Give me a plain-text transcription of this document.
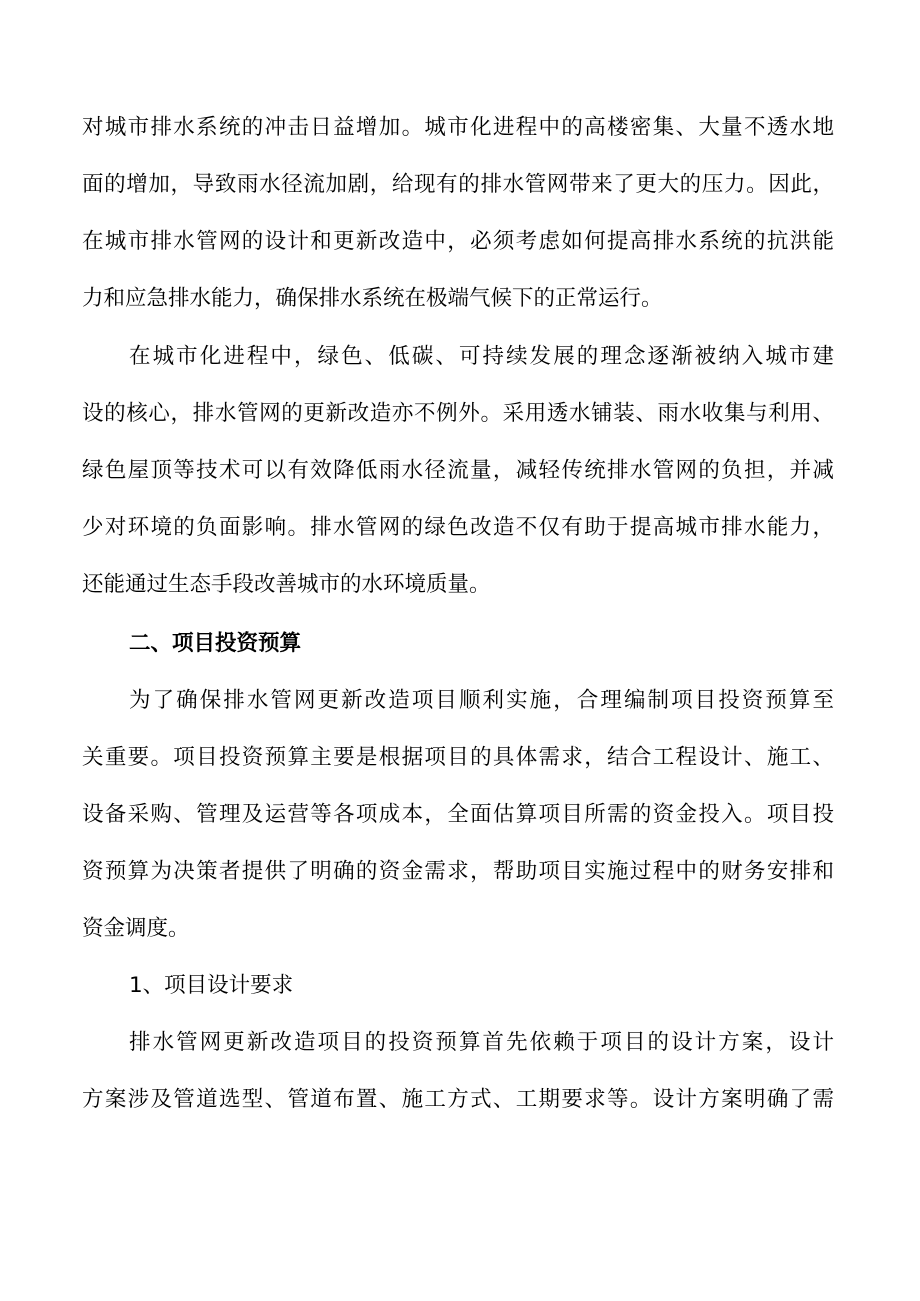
对城市排水系统的冲击日益增加。城市化进程中的高楼密集、大量不透水地
面的增加，导致雨水径流加剧，给现有的排水管网带来了更大的压力。因此，
在城市排水管网的设计和更新改造中，必须考虑如何提高排水系统的抗洪能
力和应急排水能力，确保排水系统在极端气候下的正常运行。
在城市化进程中，绿色、低碳、可持续发展的理念逐渐被纳入城市建
设的核心，排水管网的更新改造亦不例外。采用透水铺装、雨水收集与利用、
绿色屋顶等技术可以有效降低雨水径流量，减轻传统排水管网的负担，并减
少对环境的负面影响。排水管网的绿色改造不仅有助于提高城市排水能力，
还能通过生态手段改善城市的水环境质量。
二、项目投资预算
为了确保排水管网更新改造项目顺利实施，合理编制项目投资预算至
关重要。项目投资预算主要是根据项目的具体需求，结合工程设计、施工、
设备采购、管理及运营等各项成本，全面估算项目所需的资金投入。项目投
资预算为决策者提供了明确的资金需求，帮助项目实施过程中的财务安排和
资金调度。
1、项目设计要求
排水管网更新改造项目的投资预算首先依赖于项目的设计方案，设计
方案涉及管道选型、管道布置、施工方式、工期要求等。设计方案明确了需
